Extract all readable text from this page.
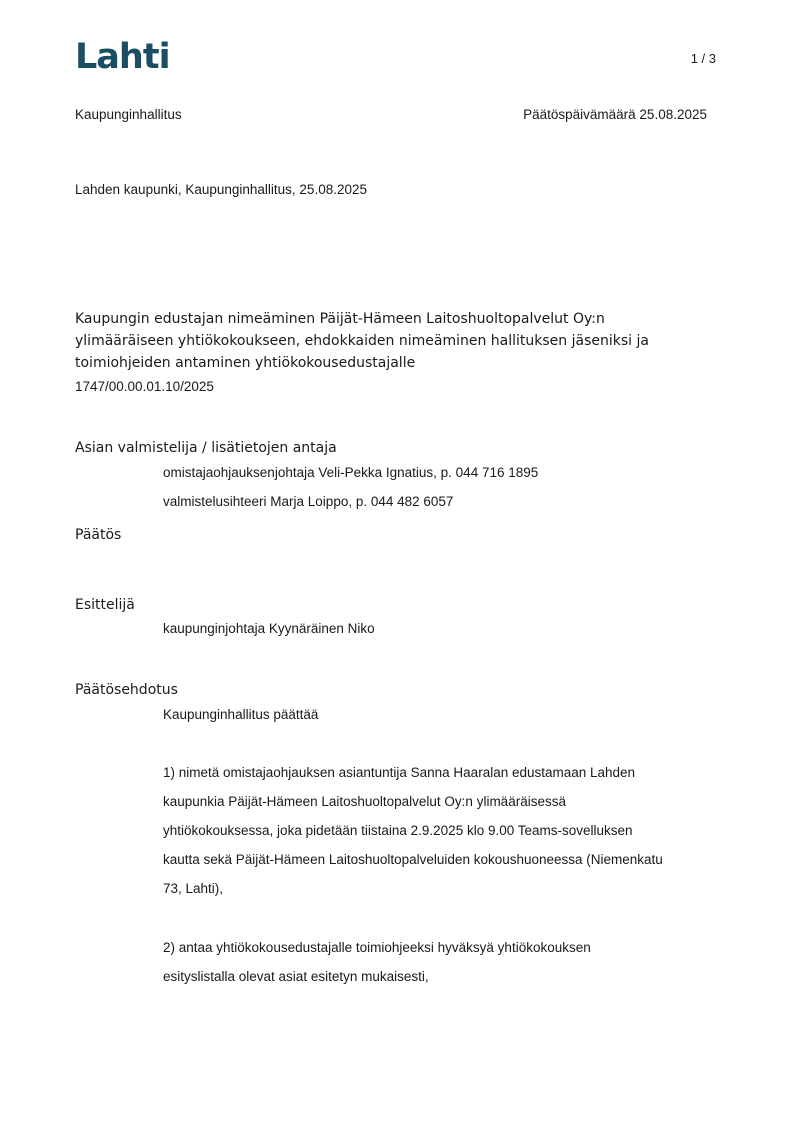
Lahti	1 / 3
Kaupunginhallitus	Päätöspäivämäärä 25.08.2025
Lahden kaupunki, Kaupunginhallitus, 25.08.2025
Kaupungin edustajan nimeäminen Päijät-Hämeen Laitoshuoltopalvelut Oy:n
ylimääräiseen yhtiökokoukseen, ehdokkaiden nimeäminen hallituksen jäseniksi ja
toimiohjeiden antaminen yhtiökokousedustajalle
1747/00.00.01.10/2025
Asian valmistelija / lisätietojen antaja
omistajaohjauksenjohtaja Veli-Pekka Ignatius, p. 044 716 1895
valmistelusihteeri Marja Loippo, p. 044 482 6057
Päätös
Esittelijä
kaupunginjohtaja Kyynäräinen Niko
Päätösehdotus
Kaupunginhallitus päättää
1) nimetä omistajaohjauksen asiantuntija Sanna Haaralan edustamaan Lahden
kaupunkia Päijät-Hämeen Laitoshuoltopalvelut Oy:n ylimääräisessä
yhtiökokouksessa, joka pidetään tiistaina 2.9.2025 klo 9.00 Teams-sovelluksen
kautta sekä Päijät-Hämeen Laitoshuoltopalveluiden kokoushuoneessa (Niemenkatu
73, Lahti),
2) antaa yhtiökokousedustajalle toimiohjeeksi hyväksyä yhtiökokouksen
esityslistalla olevat asiat esitetyn mukaisesti,
